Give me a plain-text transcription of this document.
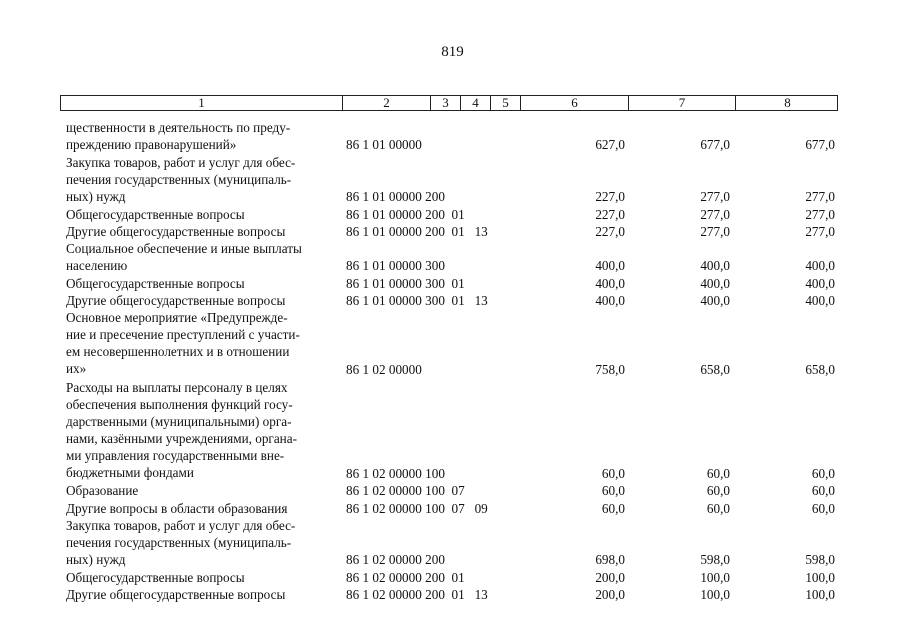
819
1	2	3	4	5	6	7	8
щественности в деятельность по преду-
преждению правонарушений»	86 1 01 00000	627,0	677,0	677,0
Закупка товаров, работ и услуг для обес-
печения государственных (муниципаль-
ных) нужд	86 1 01 00000 200	227,0	277,0	277,0
Общегосударственные вопросы	86 1 01 00000 200  01	227,0	277,0	277,0
Другие общегосударственные вопросы	86 1 01 00000 200  01   13	227,0	277,0	277,0
Социальное обеспечение и иные выплаты
населению	86 1 01 00000 300	400,0	400,0	400,0
Общегосударственные вопросы	86 1 01 00000 300  01	400,0	400,0	400,0
Другие общегосударственные вопросы	86 1 01 00000 300  01   13	400,0	400,0	400,0
Основное мероприятие «Предупрежде-
ние и пресечение преступлений с участи-
ем несовершеннолетних и в отношении
их»	86 1 02 00000	758,0	658,0	658,0
Расходы на выплаты персоналу в целях
обеспечения выполнения функций госу-
дарственными (муниципальными) орга-
нами, казёнными учреждениями, органа-
ми управления государственными вне-
бюджетными фондами	86 1 02 00000 100	60,0	60,0	60,0
Образование	86 1 02 00000 100  07	60,0	60,0	60,0
Другие вопросы в области образования	86 1 02 00000 100  07   09	60,0	60,0	60,0
Закупка товаров, работ и услуг для обес-
печения государственных (муниципаль-
ных) нужд	86 1 02 00000 200	698,0	598,0	598,0
Общегосударственные вопросы	86 1 02 00000 200  01	200,0	100,0	100,0
Другие общегосударственные вопросы	86 1 02 00000 200  01   13	200,0	100,0	100,0
